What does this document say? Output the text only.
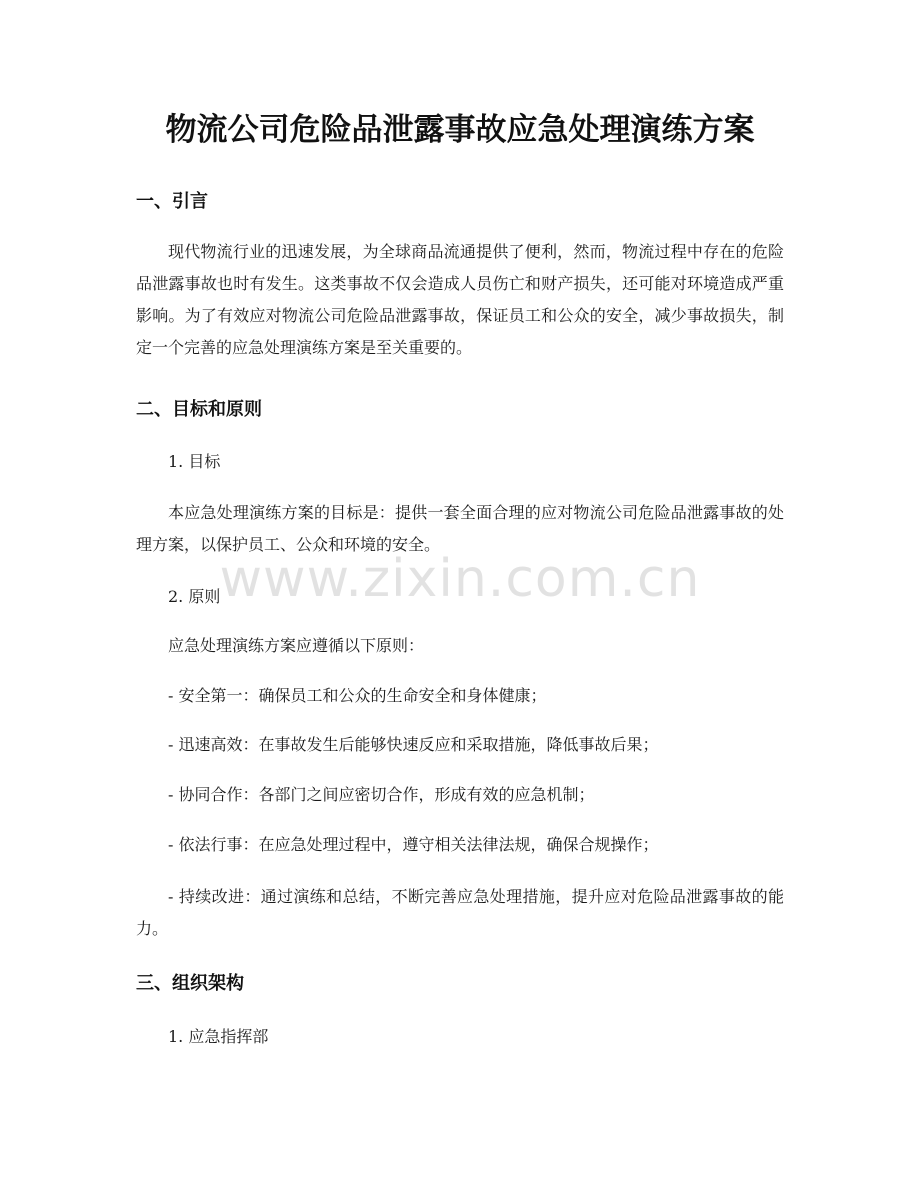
物流公司危险品泄露事故应急处理演练方案
一、引言
现代物流行业的迅速发展，为全球商品流通提供了便利，然而，物流过程中存在的危险品泄露事故也时有发生。这类事故不仅会造成人员伤亡和财产损失，还可能对环境造成严重影响。为了有效应对物流公司危险品泄露事故，保证员工和公众的安全，减少事故损失，制定一个完善的应急处理演练方案是至关重要的。
二、目标和原则
1. 目标
本应急处理演练方案的目标是：提供一套全面合理的应对物流公司危险品泄露事故的处理方案，以保护员工、公众和环境的安全。
2. 原则
应急处理演练方案应遵循以下原则：
- 安全第一：确保员工和公众的生命安全和身体健康；
- 迅速高效：在事故发生后能够快速反应和采取措施，降低事故后果；
- 协同合作：各部门之间应密切合作，形成有效的应急机制；
- 依法行事：在应急处理过程中，遵守相关法律法规，确保合规操作；
- 持续改进：通过演练和总结，不断完善应急处理措施，提升应对危险品泄露事故的能力。
三、组织架构
1. 应急指挥部
www.zixin.com.cn
